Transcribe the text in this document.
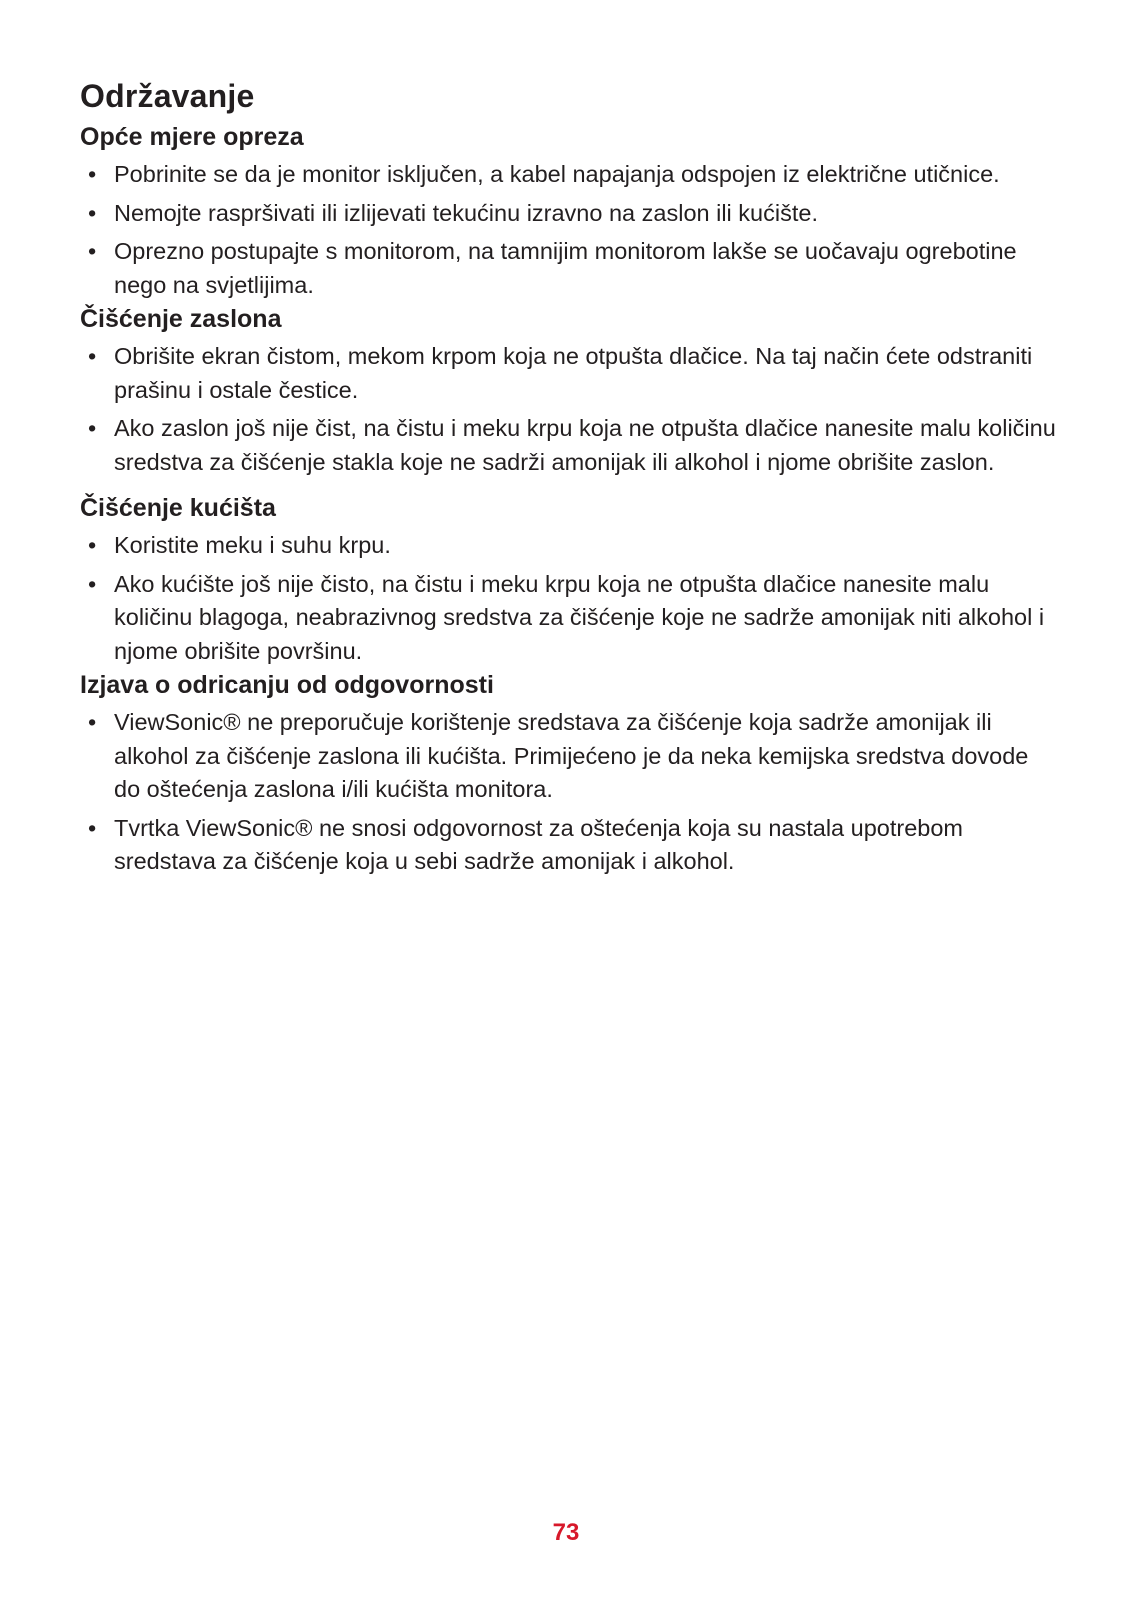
Održavanje
Opće mjere opreza
• Pobrinite se da je monitor isključen, a kabel napajanja odspojen iz električne utičnice.
• Nemojte raspršivati ili izlijevati tekućinu izravno na zaslon ili kućište.
• Oprezno postupajte s monitorom, na tamnijim monitorom lakše se uočavaju ogrebotine nego na svjetlijima.
Čišćenje zaslona
• Obrišite ekran čistom, mekom krpom koja ne otpušta dlačice. Na taj način ćete odstraniti prašinu i ostale čestice.
• Ako zaslon još nije čist, na čistu i meku krpu koja ne otpušta dlačice nanesite malu količinu sredstva za čišćenje stakla koje ne sadrži amonijak ili alkohol i njome obrišite zaslon.
Čišćenje kućišta
• Koristite meku i suhu krpu.
• Ako kućište još nije čisto, na čistu i meku krpu koja ne otpušta dlačice nanesite malu količinu blagoga, neabrazivnog sredstva za čišćenje koje ne sadrže amonijak niti alkohol i njome obrišite površinu.
Izjava o odricanju od odgovornosti
• ViewSonic® ne preporučuje korištenje sredstava za čišćenje koja sadrže amonijak ili alkohol za čišćenje zaslona ili kućišta. Primijećeno je da neka kemijska sredstva dovode do oštećenja zaslona i/ili kućišta monitora.
• Tvrtka ViewSonic® ne snosi odgovornost za oštećenja koja su nastala upotrebom sredstava za čišćenje koja u sebi sadrže amonijak i alkohol.
73
